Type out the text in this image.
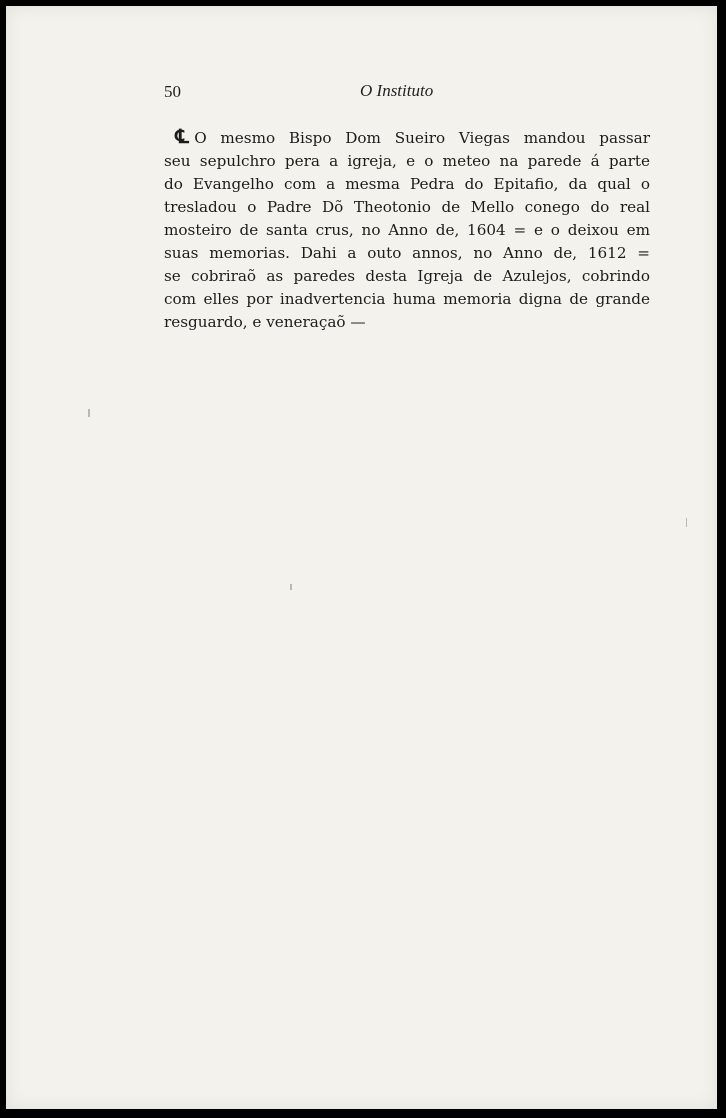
50	O Instituto
℄ O mesmo Bispo Dom Sueiro Viegas mandou passar
seu sepulchro pera a igreja, e o meteo na parede á parte
do Evangelho com a mesma Pedra do Epitafio, da qual o
tresladou o Padre Dõ Theotonio de Mello conego do real
mosteiro de santa crus, no Anno de, 1604 = e o deixou em
suas memorias. Dahi a outo annos, no Anno de, 1612 =
se cobriraõ as paredes desta Igreja de Azulejos, cobrindo
com elles por inadvertencia huma memoria digna de grande
resguardo, e veneraçaõ —
